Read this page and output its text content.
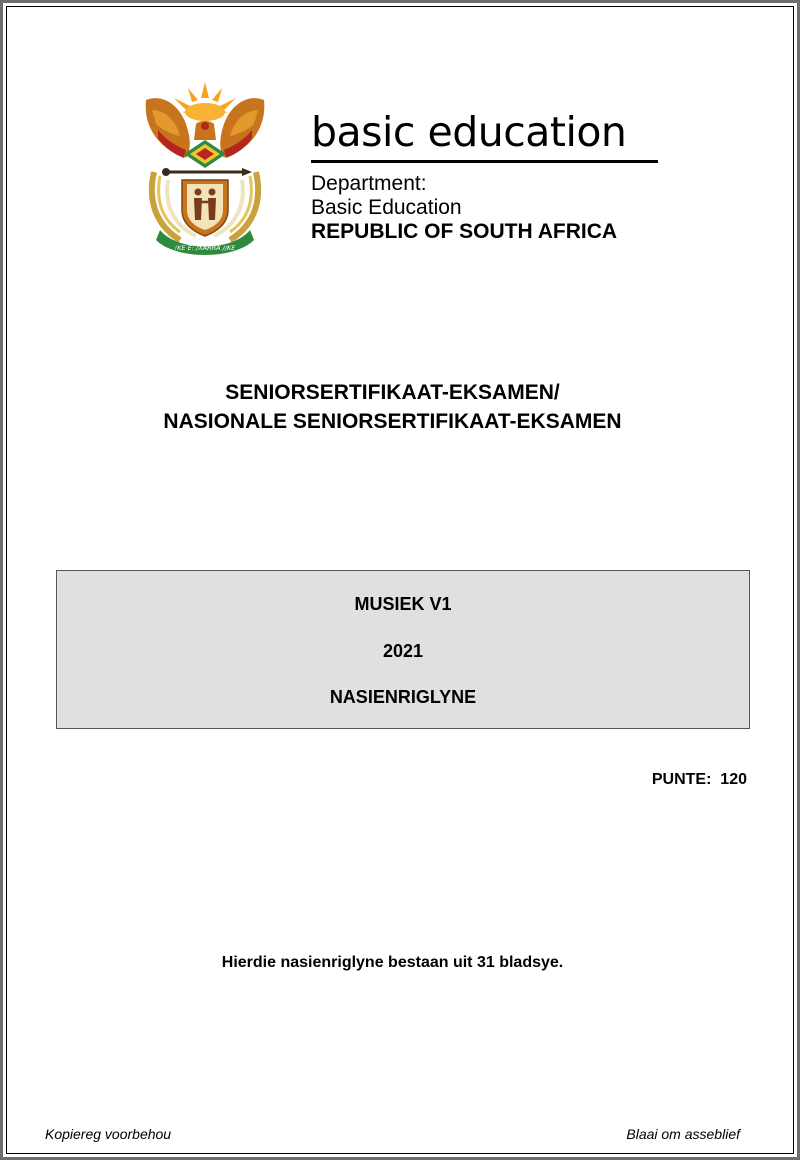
!KE E: /XARRA //KE
basic education
Department:
Basic Education
REPUBLIC OF SOUTH AFRICA
SENIORSERTIFIKAAT-EKSAMEN/
NASIONALE SENIORSERTIFIKAAT-EKSAMEN
MUSIEK V1
2021
NASIENRIGLYNE
PUNTE:  120
Hierdie nasienriglyne bestaan uit 31 bladsye.
Kopiereg voorbehou	Blaai om asseblief
